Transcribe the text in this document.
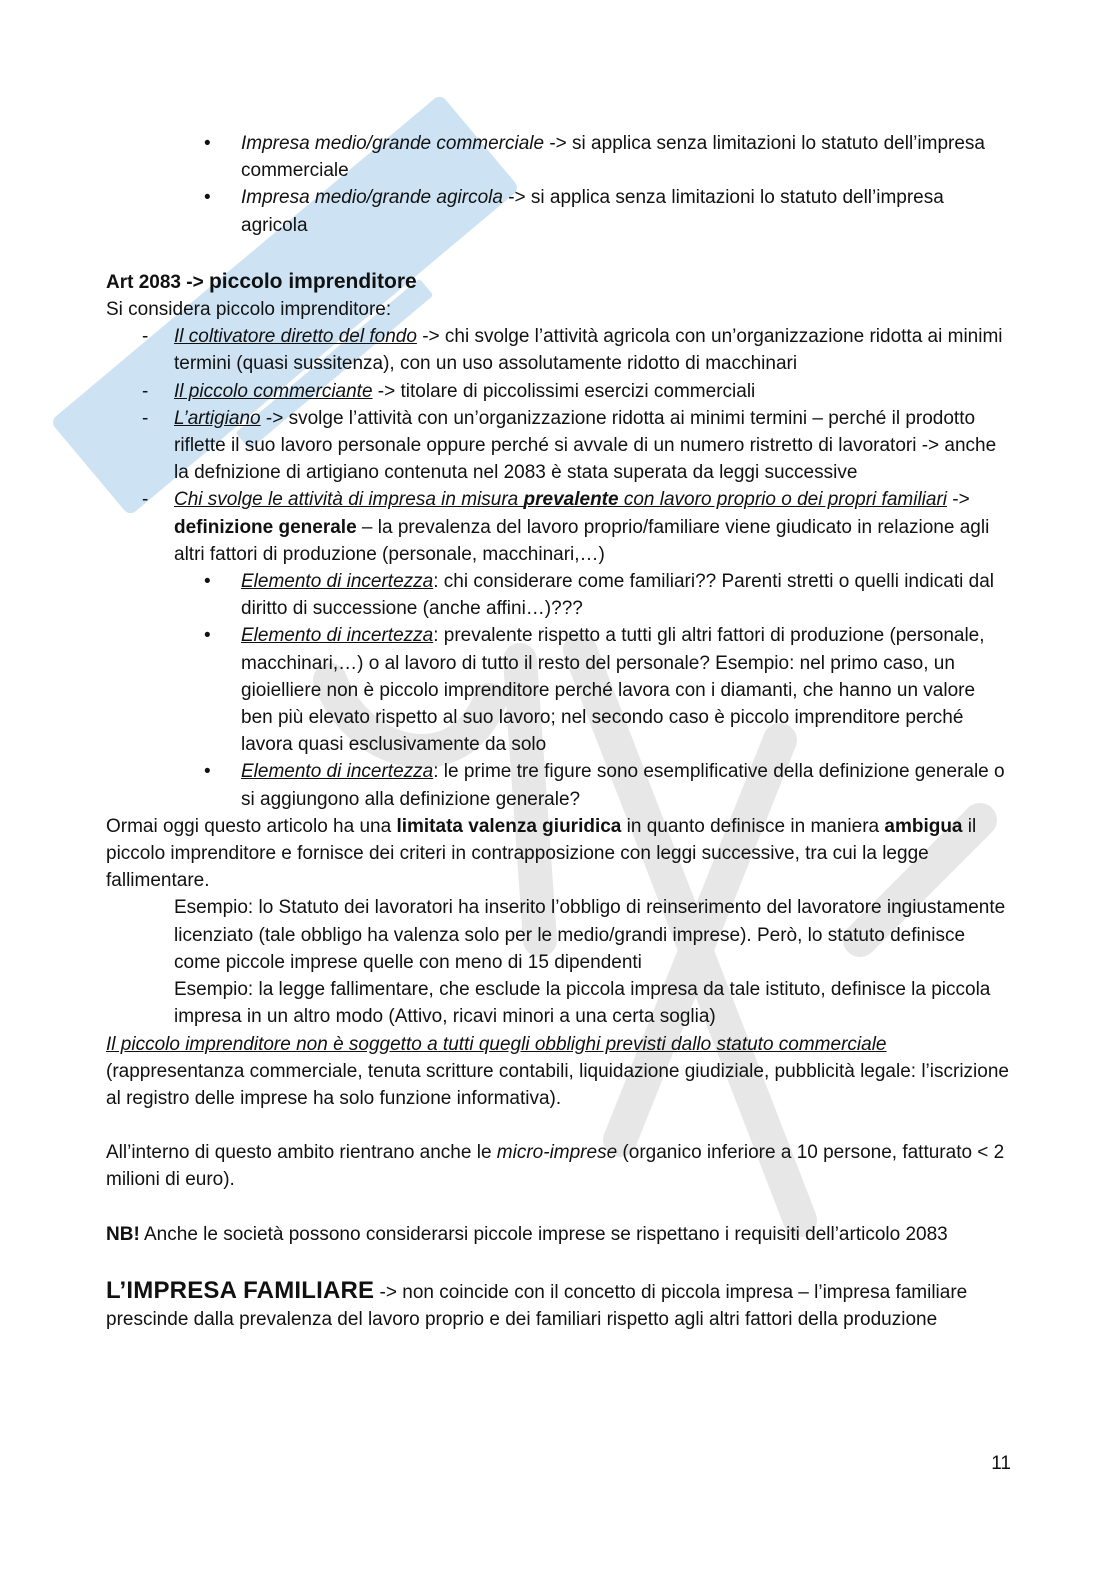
• Impresa medio/grande commerciale -> si applica senza limitazioni lo statuto dell’impresa commerciale

• Impresa medio/grande agircola -> si applica senza limitazioni lo statuto dell’impresa agricola

Art 2083 -> piccolo imprenditore

Si considera piccolo imprenditore:

- Il coltivatore diretto del fondo -> chi svolge l’attività agricola con un’organizzazione ridotta ai minimi termini (quasi sussitenza), con un uso assolutamente ridotto di macchinari

- Il piccolo commerciante -> titolare di piccolissimi esercizi commerciali

- L’artigiano -> svolge l’attività con un’organizzazione ridotta ai minimi termini – perché il prodotto riflette il suo lavoro personale oppure perché si avvale di un numero ristretto di lavoratori -> anche la defnizione di artigiano contenuta nel 2083 è stata superata da leggi successive

- Chi svolge le attività di impresa in misura prevalente con lavoro proprio o dei propri familiari -> definizione generale – la prevalenza del lavoro proprio/familiare viene giudicato in relazione agli altri fattori di produzione (personale, macchinari,…)

• Elemento di incertezza: chi considerare come familiari?? Parenti stretti o quelli indicati dal diritto di successione (anche affini…)???

• Elemento di incertezza: prevalente rispetto a tutti gli altri fattori di produzione (personale, macchinari,…) o al lavoro di tutto il resto del personale? Esempio: nel primo caso, un gioielliere non è piccolo imprenditore perché lavora con i diamanti, che hanno un valore ben più elevato rispetto al suo lavoro; nel secondo caso è piccolo imprenditore perché lavora quasi esclusivamente da solo

• Elemento di incertezza: le prime tre figure sono esemplificative della definizione generale o si aggiungono alla definizione generale?

Ormai oggi questo articolo ha una limitata valenza giuridica in quanto definisce in maniera ambigua il piccolo imprenditore e fornisce dei criteri in contrapposizione con leggi successive, tra cui la legge fallimentare.

Esempio: lo Statuto dei lavoratori ha inserito l’obbligo di reinserimento del lavoratore ingiustamente licenziato (tale obbligo ha valenza solo per le medio/grandi imprese). Però, lo statuto definisce come piccole imprese quelle con meno di 15 dipendenti

Esempio: la legge fallimentare, che esclude la piccola impresa da tale istituto, definisce la piccola impresa in un altro modo (Attivo, ricavi minori a una certa soglia)

Il piccolo imprenditore non è soggetto a tutti quegli obblighi previsti dallo statuto commerciale (rappresentanza commerciale, tenuta scritture contabili, liquidazione giudiziale, pubblicità legale: l’iscrizione al registro delle imprese ha solo funzione informativa).

All’interno di questo ambito rientrano anche le micro-imprese (organico inferiore a 10 persone, fatturato < 2 milioni di euro).

NB! Anche le società possono considerarsi piccole imprese se rispettano i requisiti dell’articolo 2083

L’IMPRESA FAMILIARE -> non coincide con il concetto di piccola impresa – l’impresa familiare prescinde dalla prevalenza del lavoro proprio e dei familiari rispetto agli altri fattori della produzione

11
